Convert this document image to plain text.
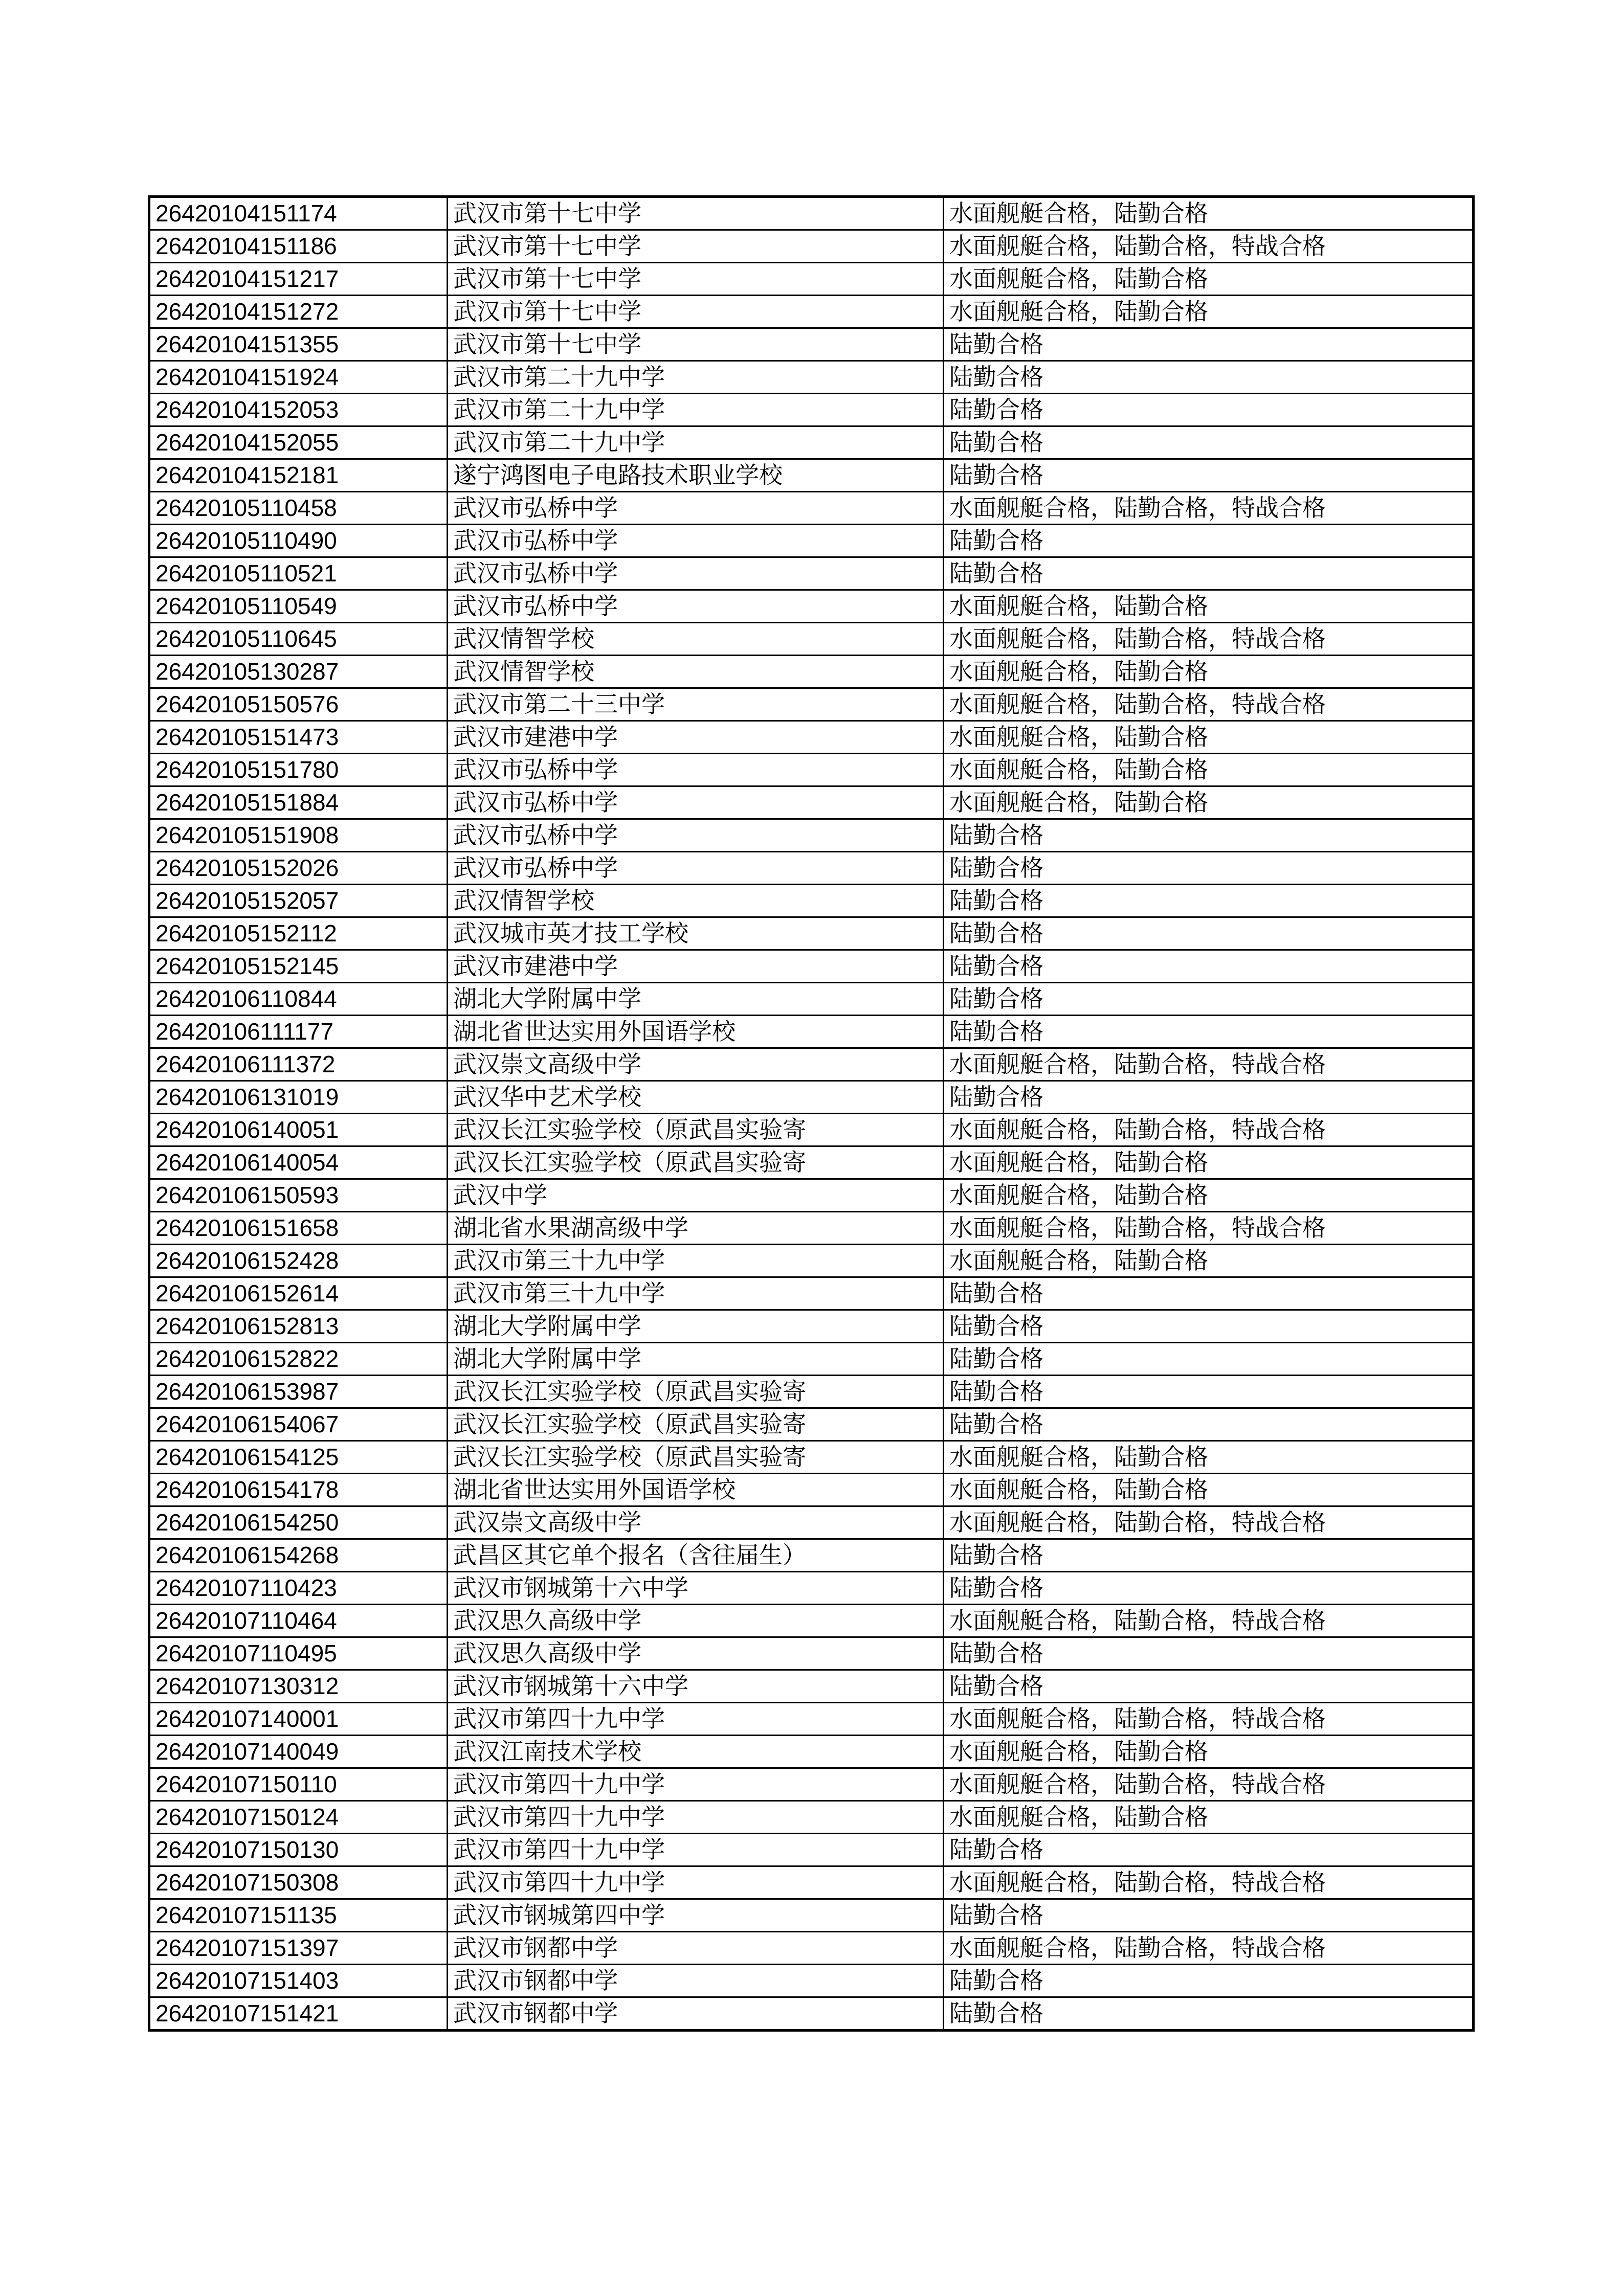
26420104151174	武汉市第十七中学	水面舰艇合格，陆勤合格
26420104151186	武汉市第十七中学	水面舰艇合格，陆勤合格，特战合格
26420104151217	武汉市第十七中学	水面舰艇合格，陆勤合格
26420104151272	武汉市第十七中学	水面舰艇合格，陆勤合格
26420104151355	武汉市第十七中学	陆勤合格
26420104151924	武汉市第二十九中学	陆勤合格
26420104152053	武汉市第二十九中学	陆勤合格
26420104152055	武汉市第二十九中学	陆勤合格
26420104152181	遂宁鸿图电子电路技术职业学校	陆勤合格
26420105110458	武汉市弘桥中学	水面舰艇合格，陆勤合格，特战合格
26420105110490	武汉市弘桥中学	陆勤合格
26420105110521	武汉市弘桥中学	陆勤合格
26420105110549	武汉市弘桥中学	水面舰艇合格，陆勤合格
26420105110645	武汉情智学校	水面舰艇合格，陆勤合格，特战合格
26420105130287	武汉情智学校	水面舰艇合格，陆勤合格
26420105150576	武汉市第二十三中学	水面舰艇合格，陆勤合格，特战合格
26420105151473	武汉市建港中学	水面舰艇合格，陆勤合格
26420105151780	武汉市弘桥中学	水面舰艇合格，陆勤合格
26420105151884	武汉市弘桥中学	水面舰艇合格，陆勤合格
26420105151908	武汉市弘桥中学	陆勤合格
26420105152026	武汉市弘桥中学	陆勤合格
26420105152057	武汉情智学校	陆勤合格
26420105152112	武汉城市英才技工学校	陆勤合格
26420105152145	武汉市建港中学	陆勤合格
26420106110844	湖北大学附属中学	陆勤合格
26420106111177	湖北省世达实用外国语学校	陆勤合格
26420106111372	武汉崇文高级中学	水面舰艇合格，陆勤合格，特战合格
26420106131019	武汉华中艺术学校	陆勤合格
26420106140051	武汉长江实验学校（原武昌实验寄	水面舰艇合格，陆勤合格，特战合格
26420106140054	武汉长江实验学校（原武昌实验寄	水面舰艇合格，陆勤合格
26420106150593	武汉中学	水面舰艇合格，陆勤合格
26420106151658	湖北省水果湖高级中学	水面舰艇合格，陆勤合格，特战合格
26420106152428	武汉市第三十九中学	水面舰艇合格，陆勤合格
26420106152614	武汉市第三十九中学	陆勤合格
26420106152813	湖北大学附属中学	陆勤合格
26420106152822	湖北大学附属中学	陆勤合格
26420106153987	武汉长江实验学校（原武昌实验寄	陆勤合格
26420106154067	武汉长江实验学校（原武昌实验寄	陆勤合格
26420106154125	武汉长江实验学校（原武昌实验寄	水面舰艇合格，陆勤合格
26420106154178	湖北省世达实用外国语学校	水面舰艇合格，陆勤合格
26420106154250	武汉崇文高级中学	水面舰艇合格，陆勤合格，特战合格
26420106154268	武昌区其它单个报名（含往届生）	陆勤合格
26420107110423	武汉市钢城第十六中学	陆勤合格
26420107110464	武汉思久高级中学	水面舰艇合格，陆勤合格，特战合格
26420107110495	武汉思久高级中学	陆勤合格
26420107130312	武汉市钢城第十六中学	陆勤合格
26420107140001	武汉市第四十九中学	水面舰艇合格，陆勤合格，特战合格
26420107140049	武汉江南技术学校	水面舰艇合格，陆勤合格
26420107150110	武汉市第四十九中学	水面舰艇合格，陆勤合格，特战合格
26420107150124	武汉市第四十九中学	水面舰艇合格，陆勤合格
26420107150130	武汉市第四十九中学	陆勤合格
26420107150308	武汉市第四十九中学	水面舰艇合格，陆勤合格，特战合格
26420107151135	武汉市钢城第四中学	陆勤合格
26420107151397	武汉市钢都中学	水面舰艇合格，陆勤合格，特战合格
26420107151403	武汉市钢都中学	陆勤合格
26420107151421	武汉市钢都中学	陆勤合格
